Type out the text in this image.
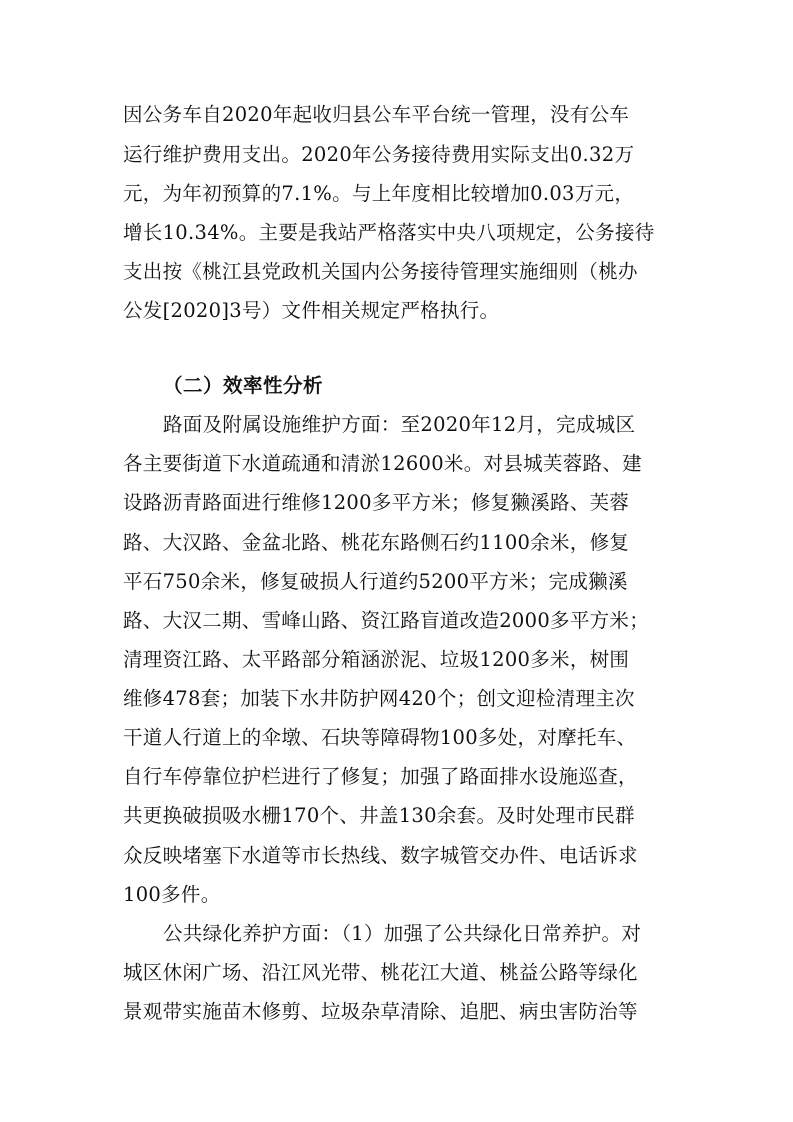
因公务车自2020年起收归县公车平台统一管理，没有公车
运行维护费用支出。2020年公务接待费用实际支出0.32万
元，为年初预算的7.1%。与上年度相比较增加0.03万元，
增长10.34%。主要是我站严格落实中央八项规定，公务接待
支出按《桃江县党政机关国内公务接待管理实施细则（桃办
公发[2020]3号）文件相关规定严格执行。
（二）效率性分析
路面及附属设施维护方面：至2020年12月，完成城区
各主要街道下水道疏通和清淤12600米。对县城芙蓉路、建
设路沥青路面进行维修1200多平方米；修复獭溪路、芙蓉
路、大汉路、金盆北路、桃花东路侧石约1100余米，修复
平石750余米，修复破损人行道约5200平方米；完成獭溪
路、大汉二期、雪峰山路、资江路盲道改造2000多平方米；
清理资江路、太平路部分箱涵淤泥、垃圾1200多米，树围
维修478套；加装下水井防护网420个；创文迎检清理主次
干道人行道上的伞墩、石块等障碍物100多处，对摩托车、
自行车停靠位护栏进行了修复；加强了路面排水设施巡查，
共更换破损吸水栅170个、井盖130余套。及时处理市民群
众反映堵塞下水道等市长热线、数字城管交办件、电话诉求
100多件。
公共绿化养护方面：（1）加强了公共绿化日常养护。对
城区休闲广场、沿江风光带、桃花江大道、桃益公路等绿化
景观带实施苗木修剪、垃圾杂草清除、追肥、病虫害防治等
